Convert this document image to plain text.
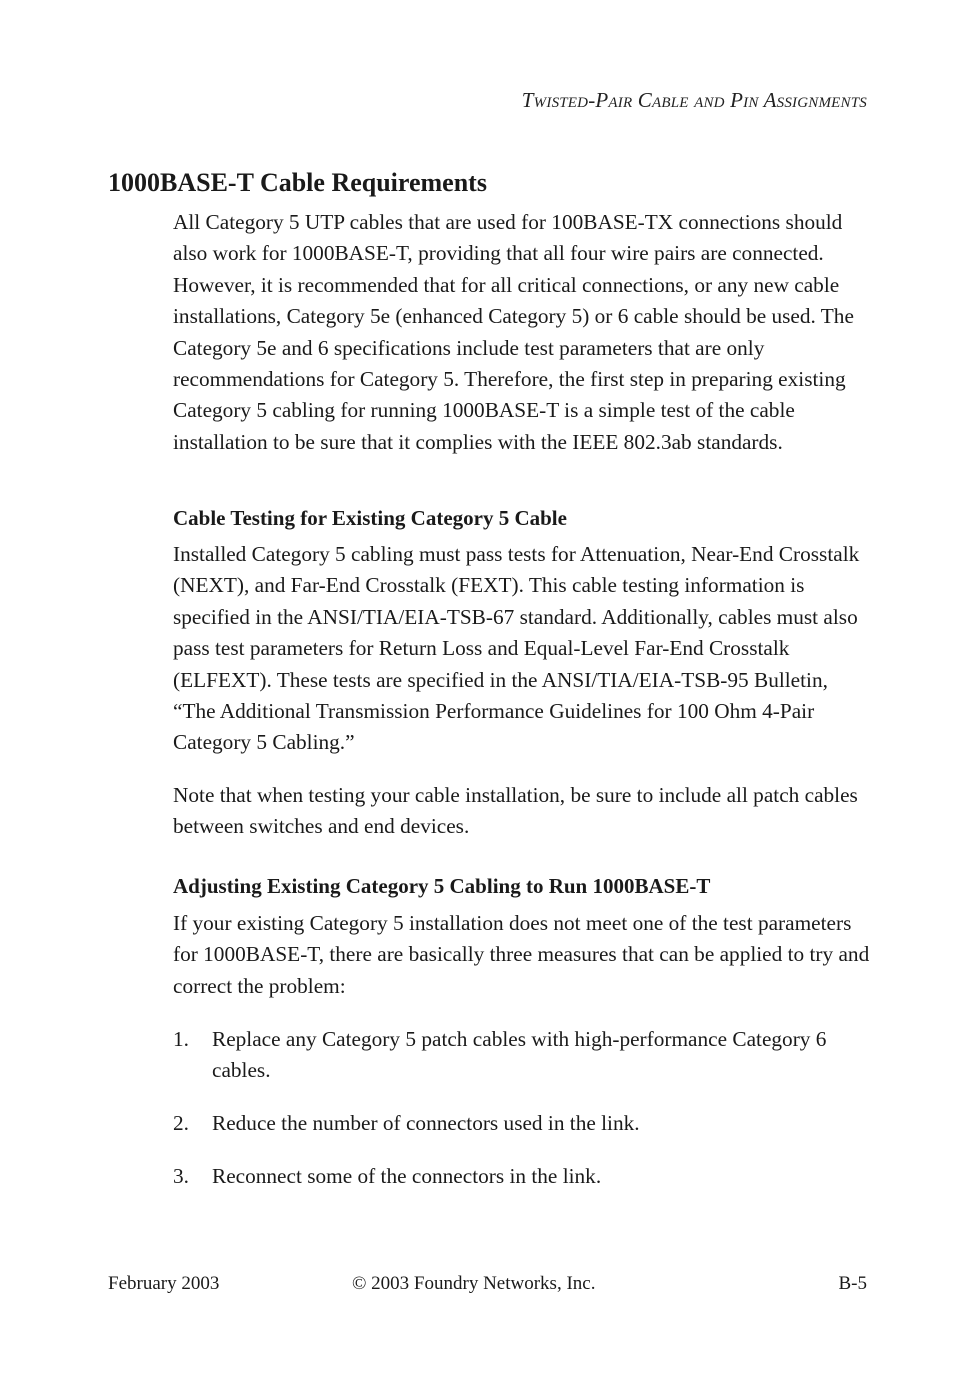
Twisted-Pair Cable and Pin Assignments
1000BASE-T Cable Requirements

All Category 5 UTP cables that are used for 100BASE-TX connections should also work for 1000BASE-T, providing that all four wire pairs are connected. However, it is recommended that for all critical connections, or any new cable installations, Category 5e (enhanced Category 5) or 6 cable should be used. The Category 5e and 6 specifications include test parameters that are only recommendations for Category 5. Therefore, the first step in preparing existing Category 5 cabling for running 1000BASE-T is a simple test of the cable installation to be sure that it complies with the IEEE 802.3ab standards.

Cable Testing for Existing Category 5 Cable

Installed Category 5 cabling must pass tests for Attenuation, Near-End Crosstalk (NEXT), and Far-End Crosstalk (FEXT). This cable testing information is specified in the ANSI/TIA/EIA-TSB-67 standard. Additionally, cables must also pass test parameters for Return Loss and Equal-Level Far-End Crosstalk (ELFEXT). These tests are specified in the ANSI/TIA/EIA-TSB-95 Bulletin, “The Additional Transmission Performance Guidelines for 100 Ohm 4-Pair Category 5 Cabling.”

Note that when testing your cable installation, be sure to include all patch cables between switches and end devices.

Adjusting Existing Category 5 Cabling to Run 1000BASE-T

If your existing Category 5 installation does not meet one of the test parameters for 1000BASE-T, there are basically three measures that can be applied to try and correct the problem:

1. Replace any Category 5 patch cables with high-performance Category 6 cables.
2. Reduce the number of connectors used in the link.
3. Reconnect some of the connectors in the link.
February 2003	© 2003 Foundry Networks, Inc.	B-5
